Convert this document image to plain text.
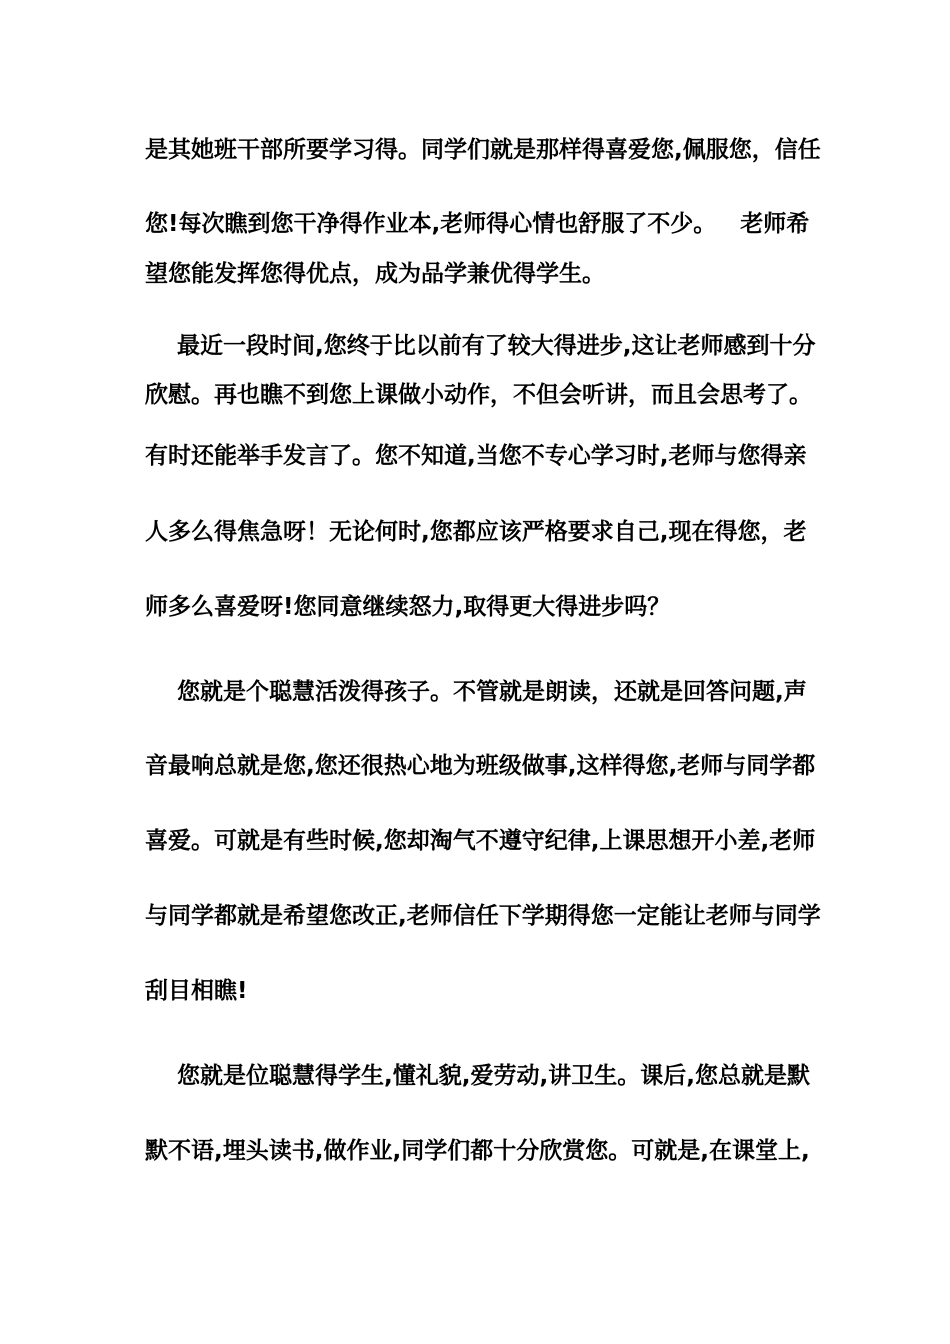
是其她班干部所要学习得。同学们就是那样得喜爱您,佩服您，信任
您!每次瞧到您干净得作业本,老师得心情也舒服了不少。   老师希
望您能发挥您得优点，成为品学兼优得学生。
最近一段时间,您终于比以前有了较大得进步,这让老师感到十分
欣慰。再也瞧不到您上课做小动作，不但会听讲，而且会思考了。
有时还能举手发言了。您不知道,当您不专心学习时,老师与您得亲
人多么得焦急呀！无论何时,您都应该严格要求自己,现在得您，老
师多么喜爱呀!您同意继续怒力,取得更大得进步吗？
您就是个聪慧活泼得孩子。不管就是朗读，还就是回答问题,声
音最响总就是您,您还很热心地为班级做事,这样得您,老师与同学都
喜爱。可就是有些时候,您却淘气不遵守纪律,上课思想开小差,老师
与同学都就是希望您改正,老师信任下学期得您一定能让老师与同学
刮目相瞧!
您就是位聪慧得学生,懂礼貌,爱劳动,讲卫生。课后,您总就是默
默不语,埋头读书,做作业,同学们都十分欣赏您。可就是,在课堂上,
